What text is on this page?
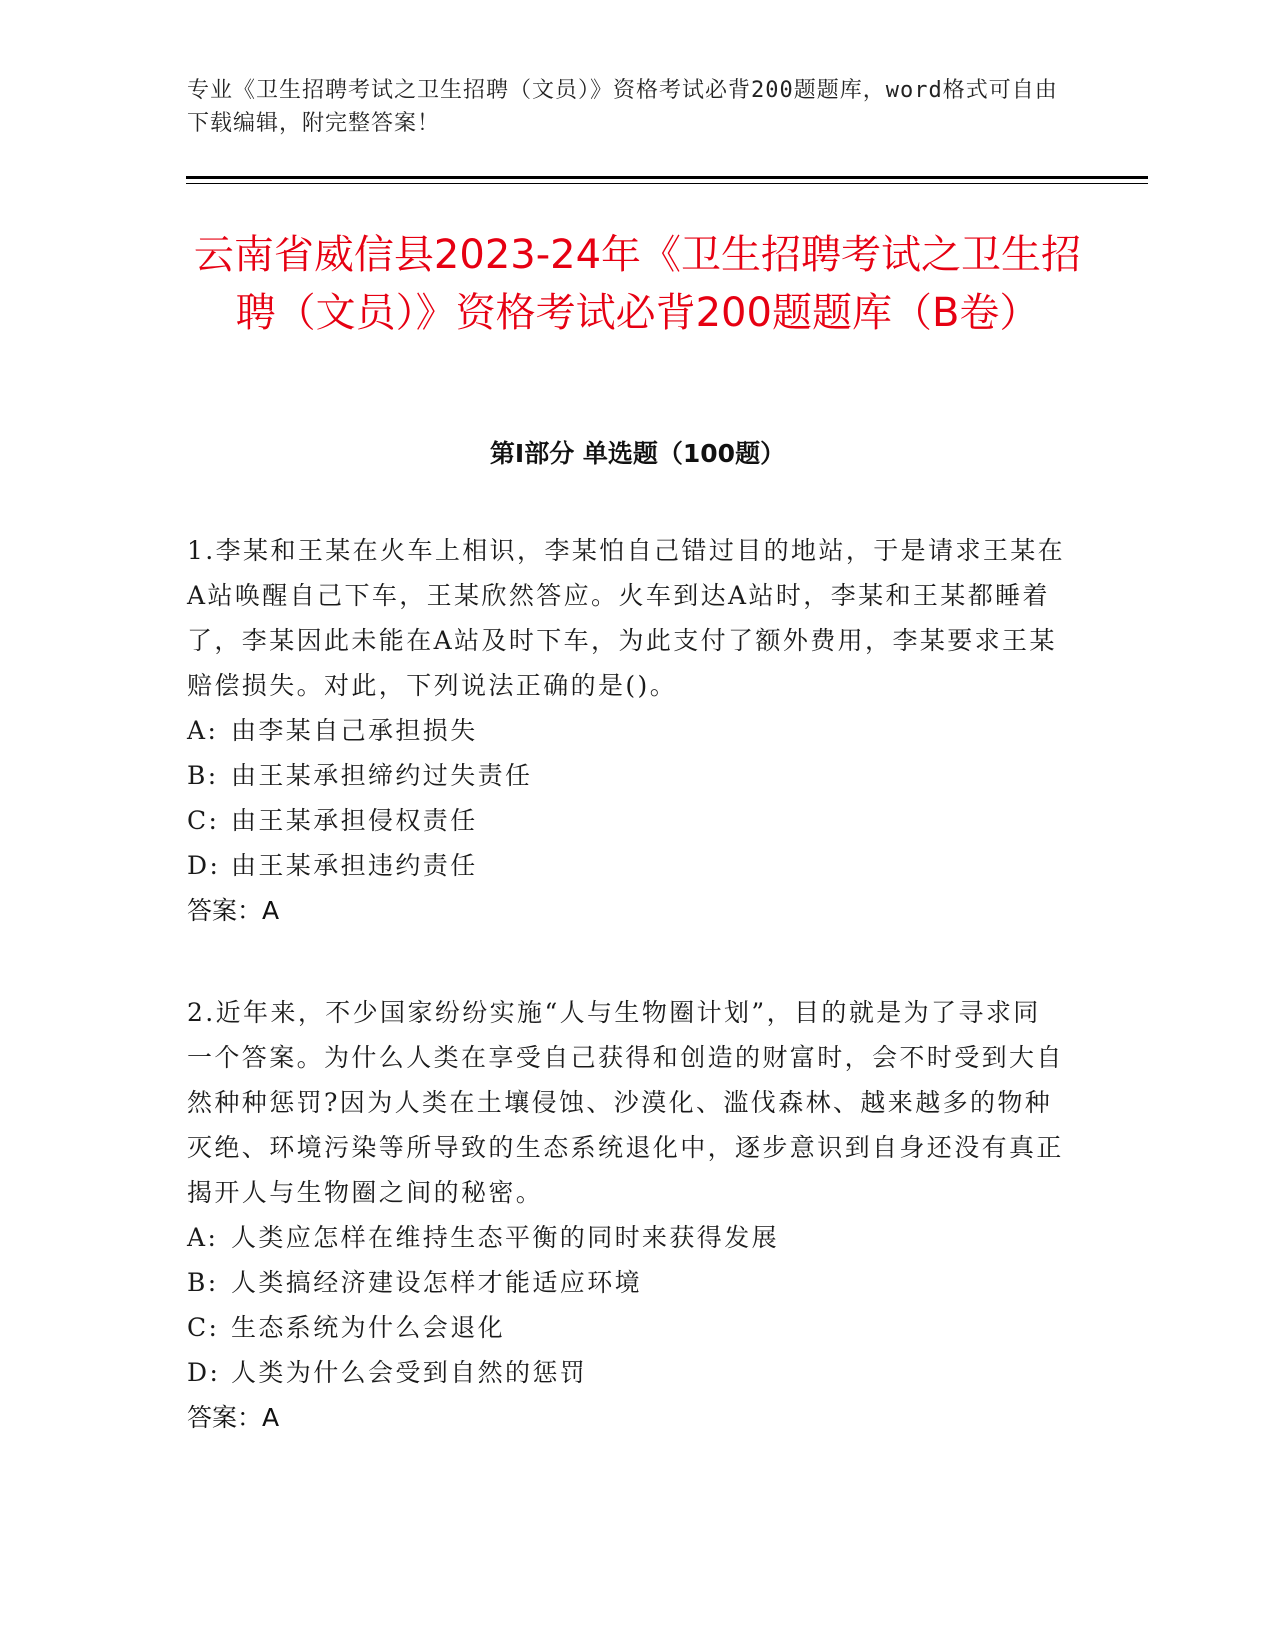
专业《卫生招聘考试之卫生招聘（文员）》资格考试必背200题题库，word格式可自由下载编辑，附完整答案！
云南省威信县2023-24年《卫生招聘考试之卫生招聘（文员）》资格考试必背200题题库（B卷）
第Ⅰ部分 单选题（100题）

1.李某和王某在火车上相识，李某怕自己错过目的地站，于是请求王某在A站唤醒自己下车，王某欣然答应。火车到达A站时，李某和王某都睡着了，李某因此未能在A站及时下车，为此支付了额外费用，李某要求王某赔偿损失。对此，下列说法正确的是()。

A: 由李某自己承担损失

B: 由王某承担缔约过失责任

C: 由王某承担侵权责任

D: 由王某承担违约责任

答案：A

2.近年来，不少国家纷纷实施“人与生物圈计划”，目的就是为了寻求同一个答案。为什么人类在享受自己获得和创造的财富时，会不时受到大自然种种惩罚?因为人类在土壤侵蚀、沙漠化、滥伐森林、越来越多的物种灭绝、环境污染等所导致的生态系统退化中，逐步意识到自身还没有真正揭开人与生物圈之间的秘密。

A: 人类应怎样在维持生态平衡的同时来获得发展

B: 人类搞经济建设怎样才能适应环境

C: 生态系统为什么会退化

D: 人类为什么会受到自然的惩罚

答案：A
